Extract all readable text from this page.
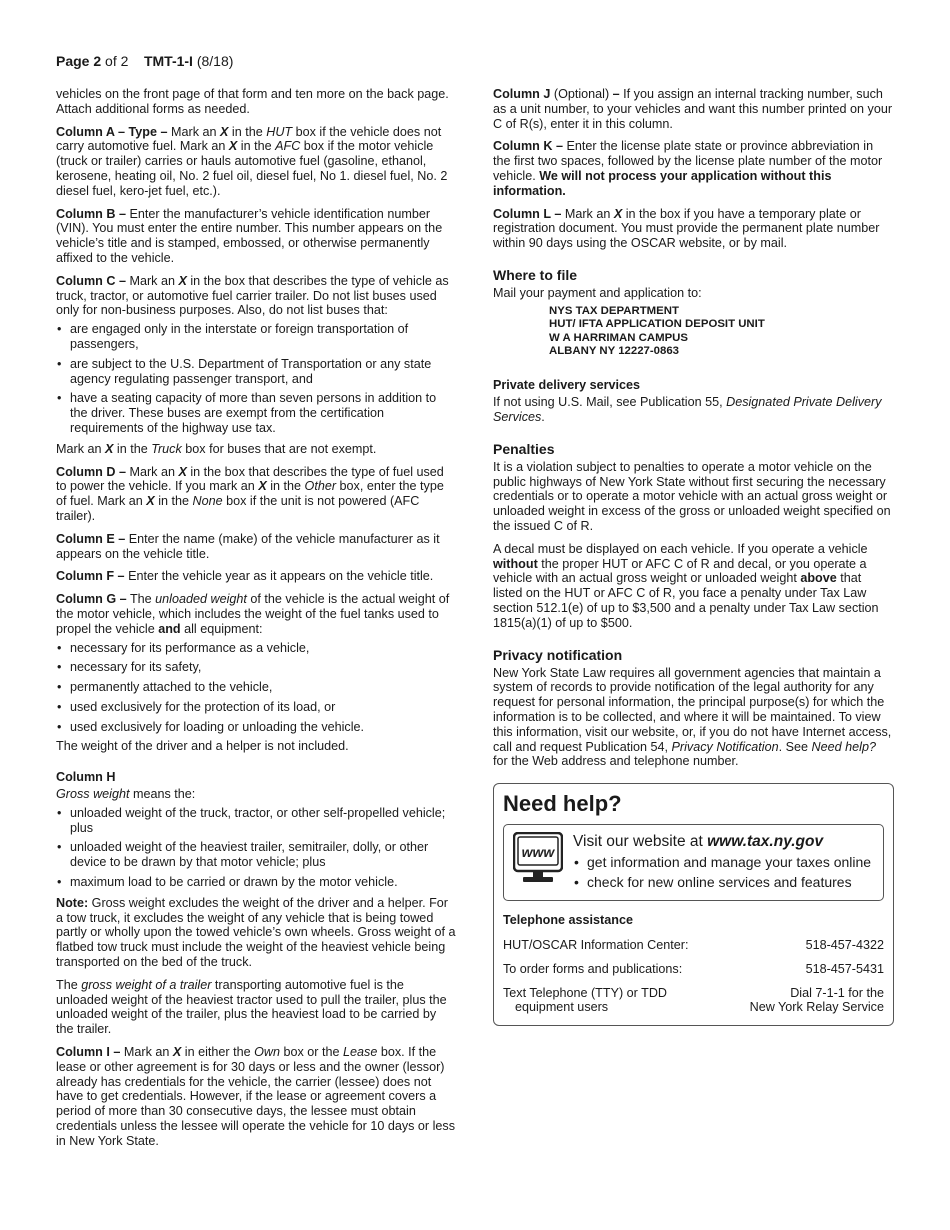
Page 2 of 2 TMT-1-I (8/18)

vehicles on the front page of that form and ten more on the back page. Attach additional forms as needed.

Column A – Type – Mark an X in the HUT box if the vehicle does not carry automotive fuel. Mark an X in the AFC box if the motor vehicle (truck or trailer) carries or hauls automotive fuel (gasoline, ethanol, kerosene, heating oil, No. 2 fuel oil, diesel fuel, No 1. diesel fuel, No. 2 diesel fuel, kero-jet fuel, etc.).

Column B – Enter the manufacturer’s vehicle identification number (VIN). You must enter the entire number. This number appears on the vehicle’s title and is stamped, embossed, or otherwise permanently affixed to the vehicle.

Column C – Mark an X in the box that describes the type of vehicle as truck, tractor, or automotive fuel carrier trailer. Do not list buses used only for non-business purposes. Also, do not list buses that:

• are engaged only in the interstate or foreign transportation of passengers,
• are subject to the U.S. Department of Transportation or any state agency regulating passenger transport, and
• have a seating capacity of more than seven persons in addition to the driver. These buses are exempt from the certification requirements of the highway use tax.

Mark an X in the Truck box for buses that are not exempt.

Column D – Mark an X in the box that describes the type of fuel used to power the vehicle. If you mark an X in the Other box, enter the type of fuel. Mark an X in the None box if the unit is not powered (AFC trailer).

Column E – Enter the name (make) of the vehicle manufacturer as it appears on the vehicle title.

Column F – Enter the vehicle year as it appears on the vehicle title.

Column G – The unloaded weight of the vehicle is the actual weight of the motor vehicle, which includes the weight of the fuel tanks used to propel the vehicle and all equipment:

• necessary for its performance as a vehicle,
• necessary for its safety,
• permanently attached to the vehicle,
• used exclusively for the protection of its load, or
• used exclusively for loading or unloading the vehicle.

The weight of the driver and a helper is not included.

Column H

Gross weight means the:

• unloaded weight of the truck, tractor, or other self-propelled vehicle; plus
• unloaded weight of the heaviest trailer, semitrailer, dolly, or other device to be drawn by that motor vehicle; plus
• maximum load to be carried or drawn by the motor vehicle.

Note: Gross weight excludes the weight of the driver and a helper. For a tow truck, it excludes the weight of any vehicle that is being towed partly or wholly upon the towed vehicle’s own wheels. Gross weight of a flatbed tow truck must include the weight of the heaviest vehicle being transported on the bed of the truck.

The gross weight of a trailer transporting automotive fuel is the unloaded weight of the heaviest tractor used to pull the trailer, plus the unloaded weight of the trailer, plus the heaviest load to be carried by the trailer.

Column I – Mark an X in either the Own box or the Lease box. If the lease or other agreement is for 30 days or less and the owner (lessor) already has credentials for the vehicle, the carrier (lessee) does not have to get credentials. However, if the lease or agreement covers a period of more than 30 consecutive days, the lessee must obtain credentials unless the lessee will operate the vehicle for 10 days or less in New York State.

Column J (Optional) – If you assign an internal tracking number, such as a unit number, to your vehicles and want this number printed on your C of R(s), enter it in this column.

Column K – Enter the license plate state or province abbreviation in the first two spaces, followed by the license plate number of the motor vehicle. We will not process your application without this information.

Column L – Mark an X in the box if you have a temporary plate or registration document. You must provide the permanent plate number within 90 days using the OSCAR website, or by mail.

Where to file

Mail your payment and application to:

NYS TAX DEPARTMENT
HUT/ IFTA APPLICATION DEPOSIT UNIT
W A HARRIMAN CAMPUS
ALBANY NY 12227-0863
Private delivery services

If not using U.S. Mail, see Publication 55, Designated Private Delivery Services.

Penalties

It is a violation subject to penalties to operate a motor vehicle on the public highways of New York State without first securing the necessary credentials or to operate a motor vehicle with an actual gross weight or unloaded weight in excess of the gross or unloaded weight specified on the issued C of R.

A decal must be displayed on each vehicle. If you operate a vehicle without the proper HUT or AFC C of R and decal, or you operate a vehicle with an actual gross weight or unloaded weight above that listed on the HUT or AFC C of R, you face a penalty under Tax Law section 512.1(e) of up to $3,500 and a penalty under Tax Law section 1815(a)(1) of up to $500.

Privacy notification

New York State Law requires all government agencies that maintain a system of records to provide notification of the legal authority for any request for personal information, the principal purpose(s) for which the information is to be collected, and where it will be maintained. To view this information, visit our website, or, if you do not have Internet access, call and request Publication 54, Privacy Notification. See Need help? for the Web address and telephone number.

Need help?
www
Visit our website at www.tax.ny.gov
• get information and manage your taxes online
• check for new online services and features
Telephone assistance
HUT/OSCAR Information Center:	518-457-4322
To order forms and publications:	518-457-5431
Text Telephone (TTY) or TDD
equipment users
Dial 7-1-1 for the
New York Relay Service
